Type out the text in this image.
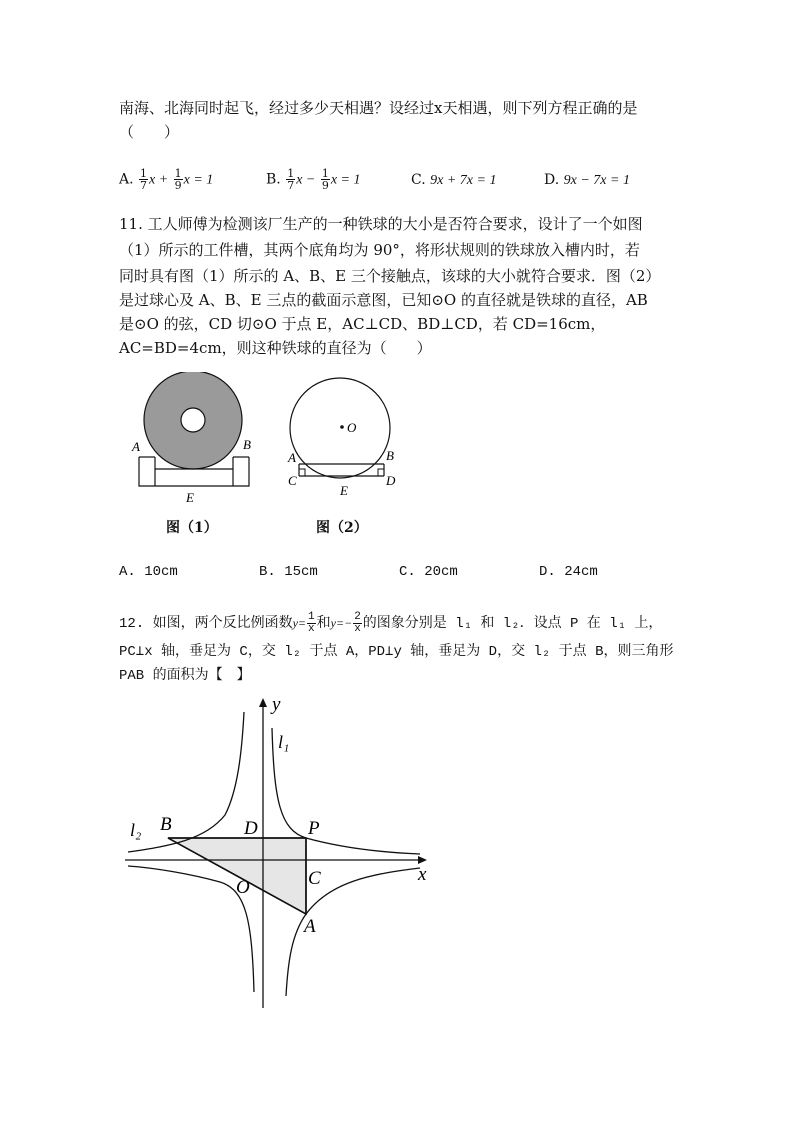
南海、北海同时起飞，经过多少天相遇？设经过x天相遇，则下列方程正确的是
（　　）
A. $\frac{1}{7}$ $x + \frac{1}{9}$ x = 1	B. $\frac{1}{7}$ $x - \frac{1}{9}$ x = 1	C. 9x + 7x = 1	D. 9x − 7x = 1
11. 工人师傅为检测该厂生产的一种铁球的大小是否符合要求，设计了一个如图
（1）所示的工件槽，其两个底角均为 90°，将形状规则的铁球放入槽内时，若
同时具有图（1）所示的 A、B、E 三个接触点，该球的大小就符合要求．图（2）
是过球心及 A、B、E 三点的截面示意图，已知⊙O 的直径就是铁球的直径，AB
是⊙O 的弦，CD 切⊙O 于点 E，AC⊥CD、BD⊥CD，若 CD=16cm，
AC=BD=4cm，则这种铁球的直径为（　　）
A	B
E
图（1）
O
A	B
C	D
E
图（2）
A. 10cm	B. 15cm	C. 20cm	D. 24cm
12. 如图，两个反比例函数$y= \frac{1}{x}$ 和$y=- \frac{2}{x}$ 的图象分别是 l₁ 和 l₂．设点 P 在 l₁ 上，
PC⊥x 轴，垂足为 C，交 l₂ 于点 A，PD⊥y 轴，垂足为 D，交 l₂ 于点 B，则三角形
PAB 的面积为【　】
y
x
l₁
l₂ B	D	P
O	C
A
